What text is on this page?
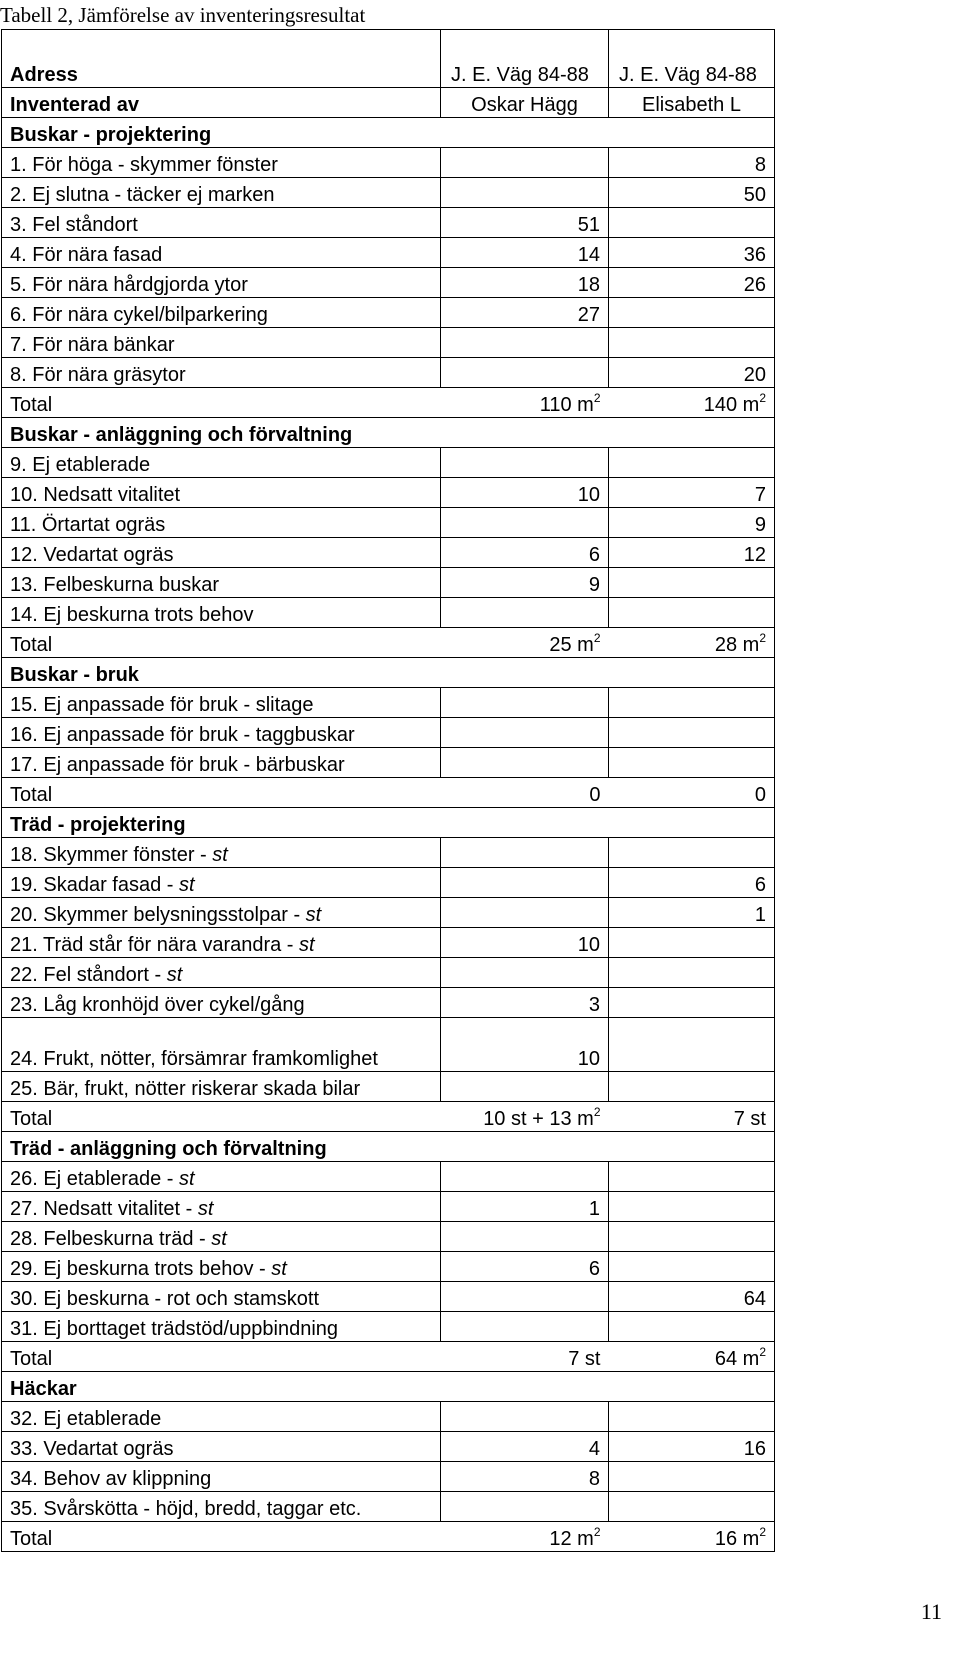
Tabell 2, Jämförelse av inventeringsresultat
Adress	J. E. Väg 84-88	J. E. Väg 84-88
Inventerad av	Oskar Hägg	Elisabeth L
Buskar - projektering		
1. För höga - skymmer fönster		8
2. Ej slutna - täcker ej marken		50
3. Fel ståndort	51	
4. För nära fasad	14	36
5. För nära hårdgjorda ytor	18	26
6. För nära cykel/bilparkering	27	
7. För nära bänkar		
8. För nära gräsytor		20
Total	110 $m^2$	140 $m^2$
Buskar - anläggning och förvaltning		
9. Ej etablerade		
10. Nedsatt vitalitet	10	7
11. Örtartat ogräs		9
12. Vedartat ogräs	6	12
13. Felbeskurna buskar	9	
14. Ej beskurna trots behov		
Total	25 $m^2$	28 $m^2$
Buskar - bruk		
15. Ej anpassade för bruk - slitage		
16. Ej anpassade för bruk - taggbuskar		
17. Ej anpassade för bruk - bärbuskar		
Total	0	0
Träd - projektering		
18. Skymmer fönster - st		
19. Skadar fasad - st		6
20. Skymmer belysningsstolpar - st		1
21. Träd står för nära varandra - st	10	
22. Fel ståndort - st		
23. Låg kronhöjd över cykel/gång	3	
24. Frukt, nötter, försämrar framkomlighet	10	
25. Bär, frukt, nötter riskerar skada bilar		
Total	10 st + 13 $m^2$	7 st
Träd - anläggning och förvaltning		
26. Ej etablerade - st		
27. Nedsatt vitalitet - st	1	
28. Felbeskurna träd - st		
29. Ej beskurna trots behov - st	6	
30. Ej beskurna - rot och stamskott		64
31. Ej borttaget trädstöd/uppbindning		
Total	7 st	64 $m^2$
Häckar		
32. Ej etablerade		
33. Vedartat ogräs	4	16
34. Behov av klippning	8	
35. Svårskötta - höjd, bredd, taggar etc.		
Total	12 $m^2$	16 $m^2$
11
